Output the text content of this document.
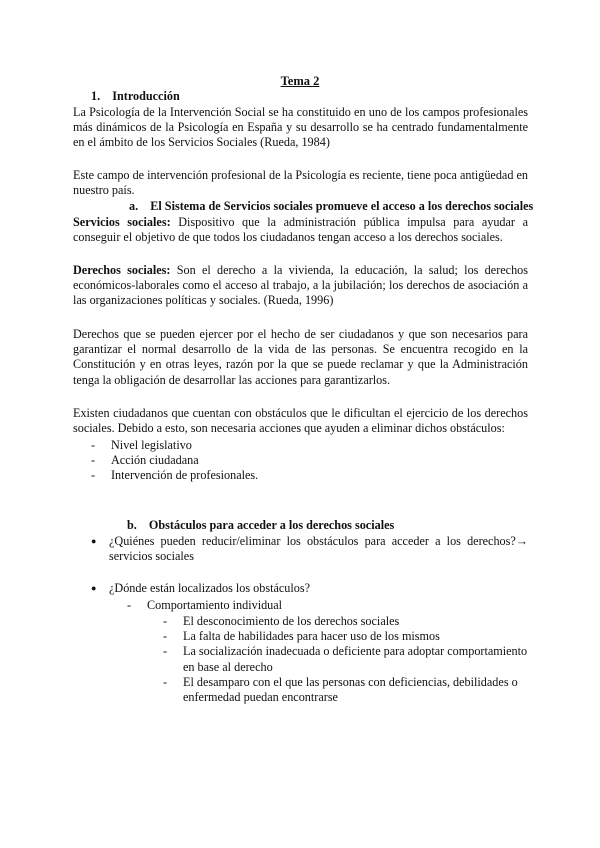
Tema 2
1. Introducción
La Psicología de la Intervención Social se ha constituido en uno de los campos profesionales más dinámicos de la Psicología en España y su desarrollo se ha centrado fundamentalmente en el ámbito de los Servicios Sociales (Rueda, 1984)
Este campo de intervención profesional de la Psicología es reciente, tiene poca antigüedad en nuestro país.
a. El Sistema de Servicios sociales promueve el acceso a los derechos sociales
Servicios sociales: Dispositivo que la administración pública impulsa para ayudar a conseguir el objetivo de que todos los ciudadanos tengan acceso a los derechos sociales.
Derechos sociales: Son el derecho a la vivienda, la educación, la salud; los derechos económicos-laborales como el acceso al trabajo, a la jubilación; los derechos de asociación a las organizaciones políticas y sociales. (Rueda, 1996)
Derechos que se pueden ejercer por el hecho de ser ciudadanos y que son necesarios para garantizar el normal desarrollo de la vida de las personas. Se encuentra recogido en la Constitución y en otras leyes, razón por la que se puede reclamar y que la Administración tenga la obligación de desarrollar las acciones para garantizarlos.
Existen ciudadanos que cuentan con obstáculos que le dificultan el ejercicio de los derechos sociales. Debido a esto, son necesaria acciones que ayuden a eliminar dichos obstáculos:
- Nivel legislativo
- Acción ciudadana
- Intervención de profesionales.
b. Obstáculos para acceder a los derechos sociales
● ¿Quiénes pueden reducir/eliminar los obstáculos para acceder a los derechos?→ servicios sociales
● ¿Dónde están localizados los obstáculos?
- Comportamiento individual
- El desconocimiento de los derechos sociales
- La falta de habilidades para hacer uso de los mismos
- La socialización inadecuada o deficiente para adoptar comportamiento en base al derecho
- El desamparo con el que las personas con deficiencias, debilidades o enfermedad puedan encontrarse
